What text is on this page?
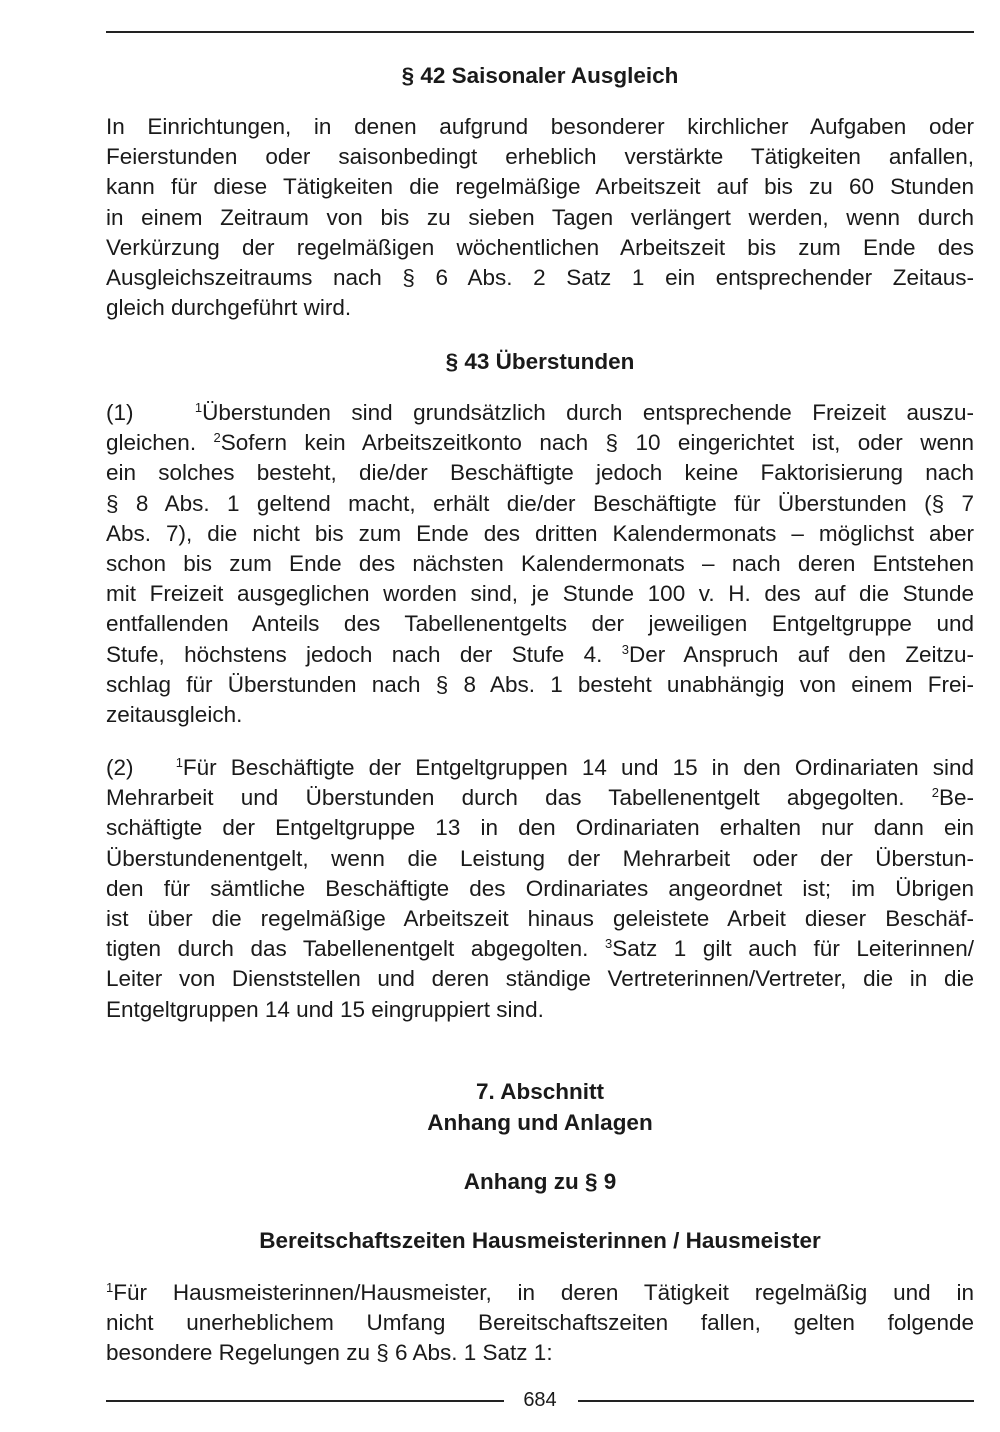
§ 42 Saisonaler Ausgleich
In Einrichtungen, in denen aufgrund besonderer kirchlicher Aufgaben oder
Feierstunden oder saisonbedingt erheblich verstärkte Tätigkeiten anfallen,
kann für diese Tätigkeiten die regelmäßige Arbeitszeit auf bis zu 60 Stunden
in einem Zeitraum von bis zu sieben Tagen verlängert werden, wenn durch
Verkürzung der regelmäßigen wöchentlichen Arbeitszeit bis zum Ende des
Ausgleichszeitraums nach § 6 Abs. 2 Satz 1 ein entsprechender Zeitaus-
gleich durchgeführt wird.
§ 43 Überstunden
(1)	$^1$Überstunden sind grundsätzlich durch entsprechende Freizeit auszu-
gleichen. $^2$Sofern kein Arbeitszeitkonto nach § 10 eingerichtet ist, oder wenn
ein solches besteht, die/der Beschäftigte jedoch keine Faktorisierung nach
§ 8 Abs. 1 geltend macht, erhält die/der Beschäftigte für Überstunden (§ 7
Abs. 7), die nicht bis zum Ende des dritten Kalendermonats – möglichst aber
schon bis zum Ende des nächsten Kalendermonats – nach deren Entstehen
mit Freizeit ausgeglichen worden sind, je Stunde 100 v. H. des auf die Stunde
entfallenden Anteils des Tabellenentgelts der jeweiligen Entgeltgruppe und
Stufe, höchstens jedoch nach der Stufe 4. $^3$Der Anspruch auf den Zeitzu-
schlag für Überstunden nach § 8 Abs. 1 besteht unabhängig von einem Frei-
zeitausgleich.
(2)	$^1$Für Beschäftigte der Entgeltgruppen 14 und 15 in den Ordinariaten sind
Mehrarbeit und Überstunden durch das Tabellenentgelt abgegolten. $^2$Be-
schäftigte der Entgeltgruppe 13 in den Ordinariaten erhalten nur dann ein
Überstundenentgelt, wenn die Leistung der Mehrarbeit oder der Überstun-
den für sämtliche Beschäftigte des Ordinariates angeordnet ist; im Übrigen
ist über die regelmäßige Arbeitszeit hinaus geleistete Arbeit dieser Beschäf-
tigten durch das Tabellenentgelt abgegolten. $^3$Satz 1 gilt auch für Leiterinnen/
Leiter von Dienststellen und deren ständige Vertreterinnen/Vertreter, die in die
Entgeltgruppen 14 und 15 eingruppiert sind.
7. Abschnitt
Anhang und Anlagen
Anhang zu § 9
Bereitschaftszeiten Hausmeisterinnen / Hausmeister
$^1$Für Hausmeisterinnen/Hausmeister, in deren Tätigkeit regelmäßig und in
nicht unerheblichem Umfang Bereitschaftszeiten fallen, gelten folgende
besondere Regelungen zu § 6 Abs. 1 Satz 1:
684
